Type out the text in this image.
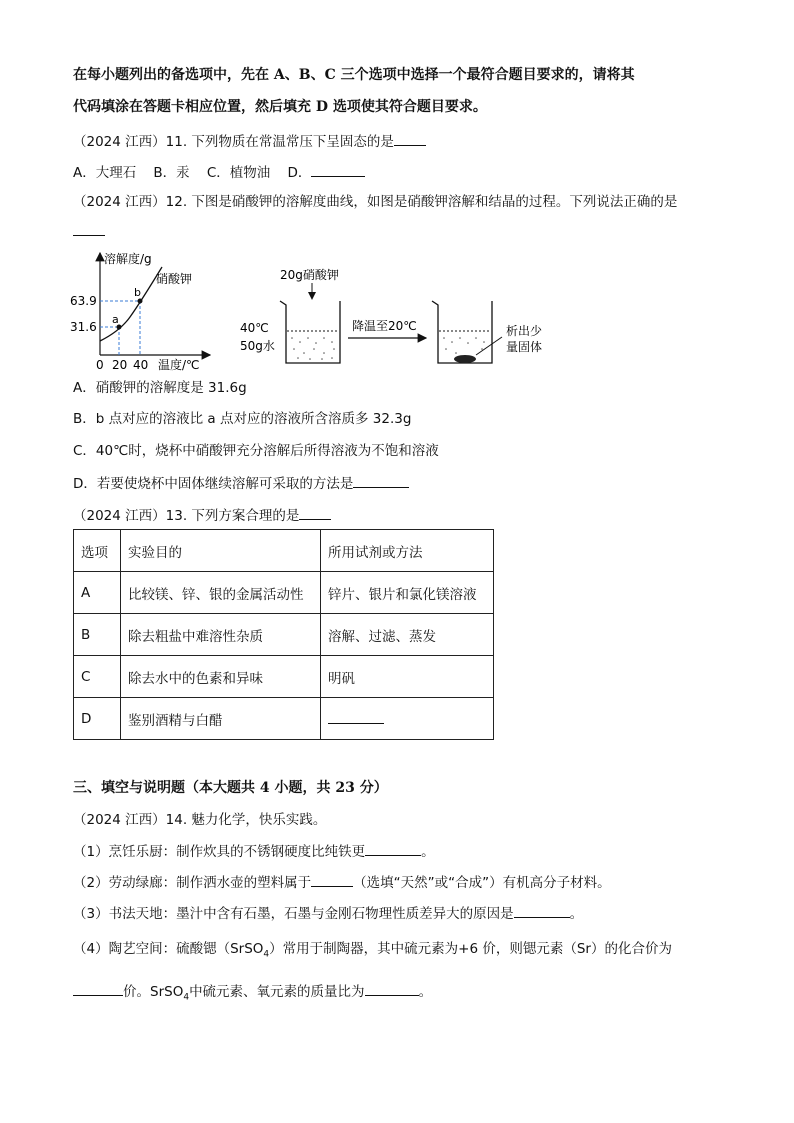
在每小题列出的备选项中，先在 A、B、C 三个选项中选择一个最符合题目要求的，请将其
代码填涂在答题卡相应位置，然后填充 D 选项使其符合题目要求。
（2024 江西）11. 下列物质在常温常压下呈固态的是
A．大理石 B．汞 C．植物油 D．
（2024 江西）12. 下图是硝酸钾的溶解度曲线，如图是硝酸钾溶解和结晶的过程。下列说法正确的是
溶解度/g
温度/℃
a
b
硝酸钾
63.9
31.6
0 20 40
20g硝酸钾
40℃
50g水
降温至20℃	析出少
量固体
A．硝酸钾的溶解度是 31.6g
B．b 点对应的溶液比 a 点对应的溶液所含溶质多 32.3g
C．40℃时，烧杯中硝酸钾充分溶解后所得溶液为不饱和溶液
D．若要使烧杯中固体继续溶解可采取的方法是
（2024 江西）13. 下列方案合理的是
选项	实验目的	所用试剂或方法
A	比较镁、锌、银的金属活动性	锌片、银片和氯化镁溶液
B	除去粗盐中难溶性杂质	溶解、过滤、蒸发
C	除去水中的色素和异味	明矾
D	鉴别酒精与白醋	
三、填空与说明题（本大题共 4 小题，共 23 分）
（2024 江西）14. 魅力化学，快乐实践。
（1）烹饪乐厨：制作炊具的不锈钢硬度比纯铁更	。
（2）劳动绿廊：制作洒水壶的塑料属于	（选填“天然”或“合成”）有机高分子材料。
（3）书法天地：墨汁中含有石墨，石墨与金刚石物理性质差异大的原因是	。
（4）陶艺空间：硫酸锶（SrSO$_4$）常用于制陶器，其中硫元素为+6 价，则锶元素（Sr）的化合价为
价。SrSO$_4$中硫元素、氧元素的质量比为	。
